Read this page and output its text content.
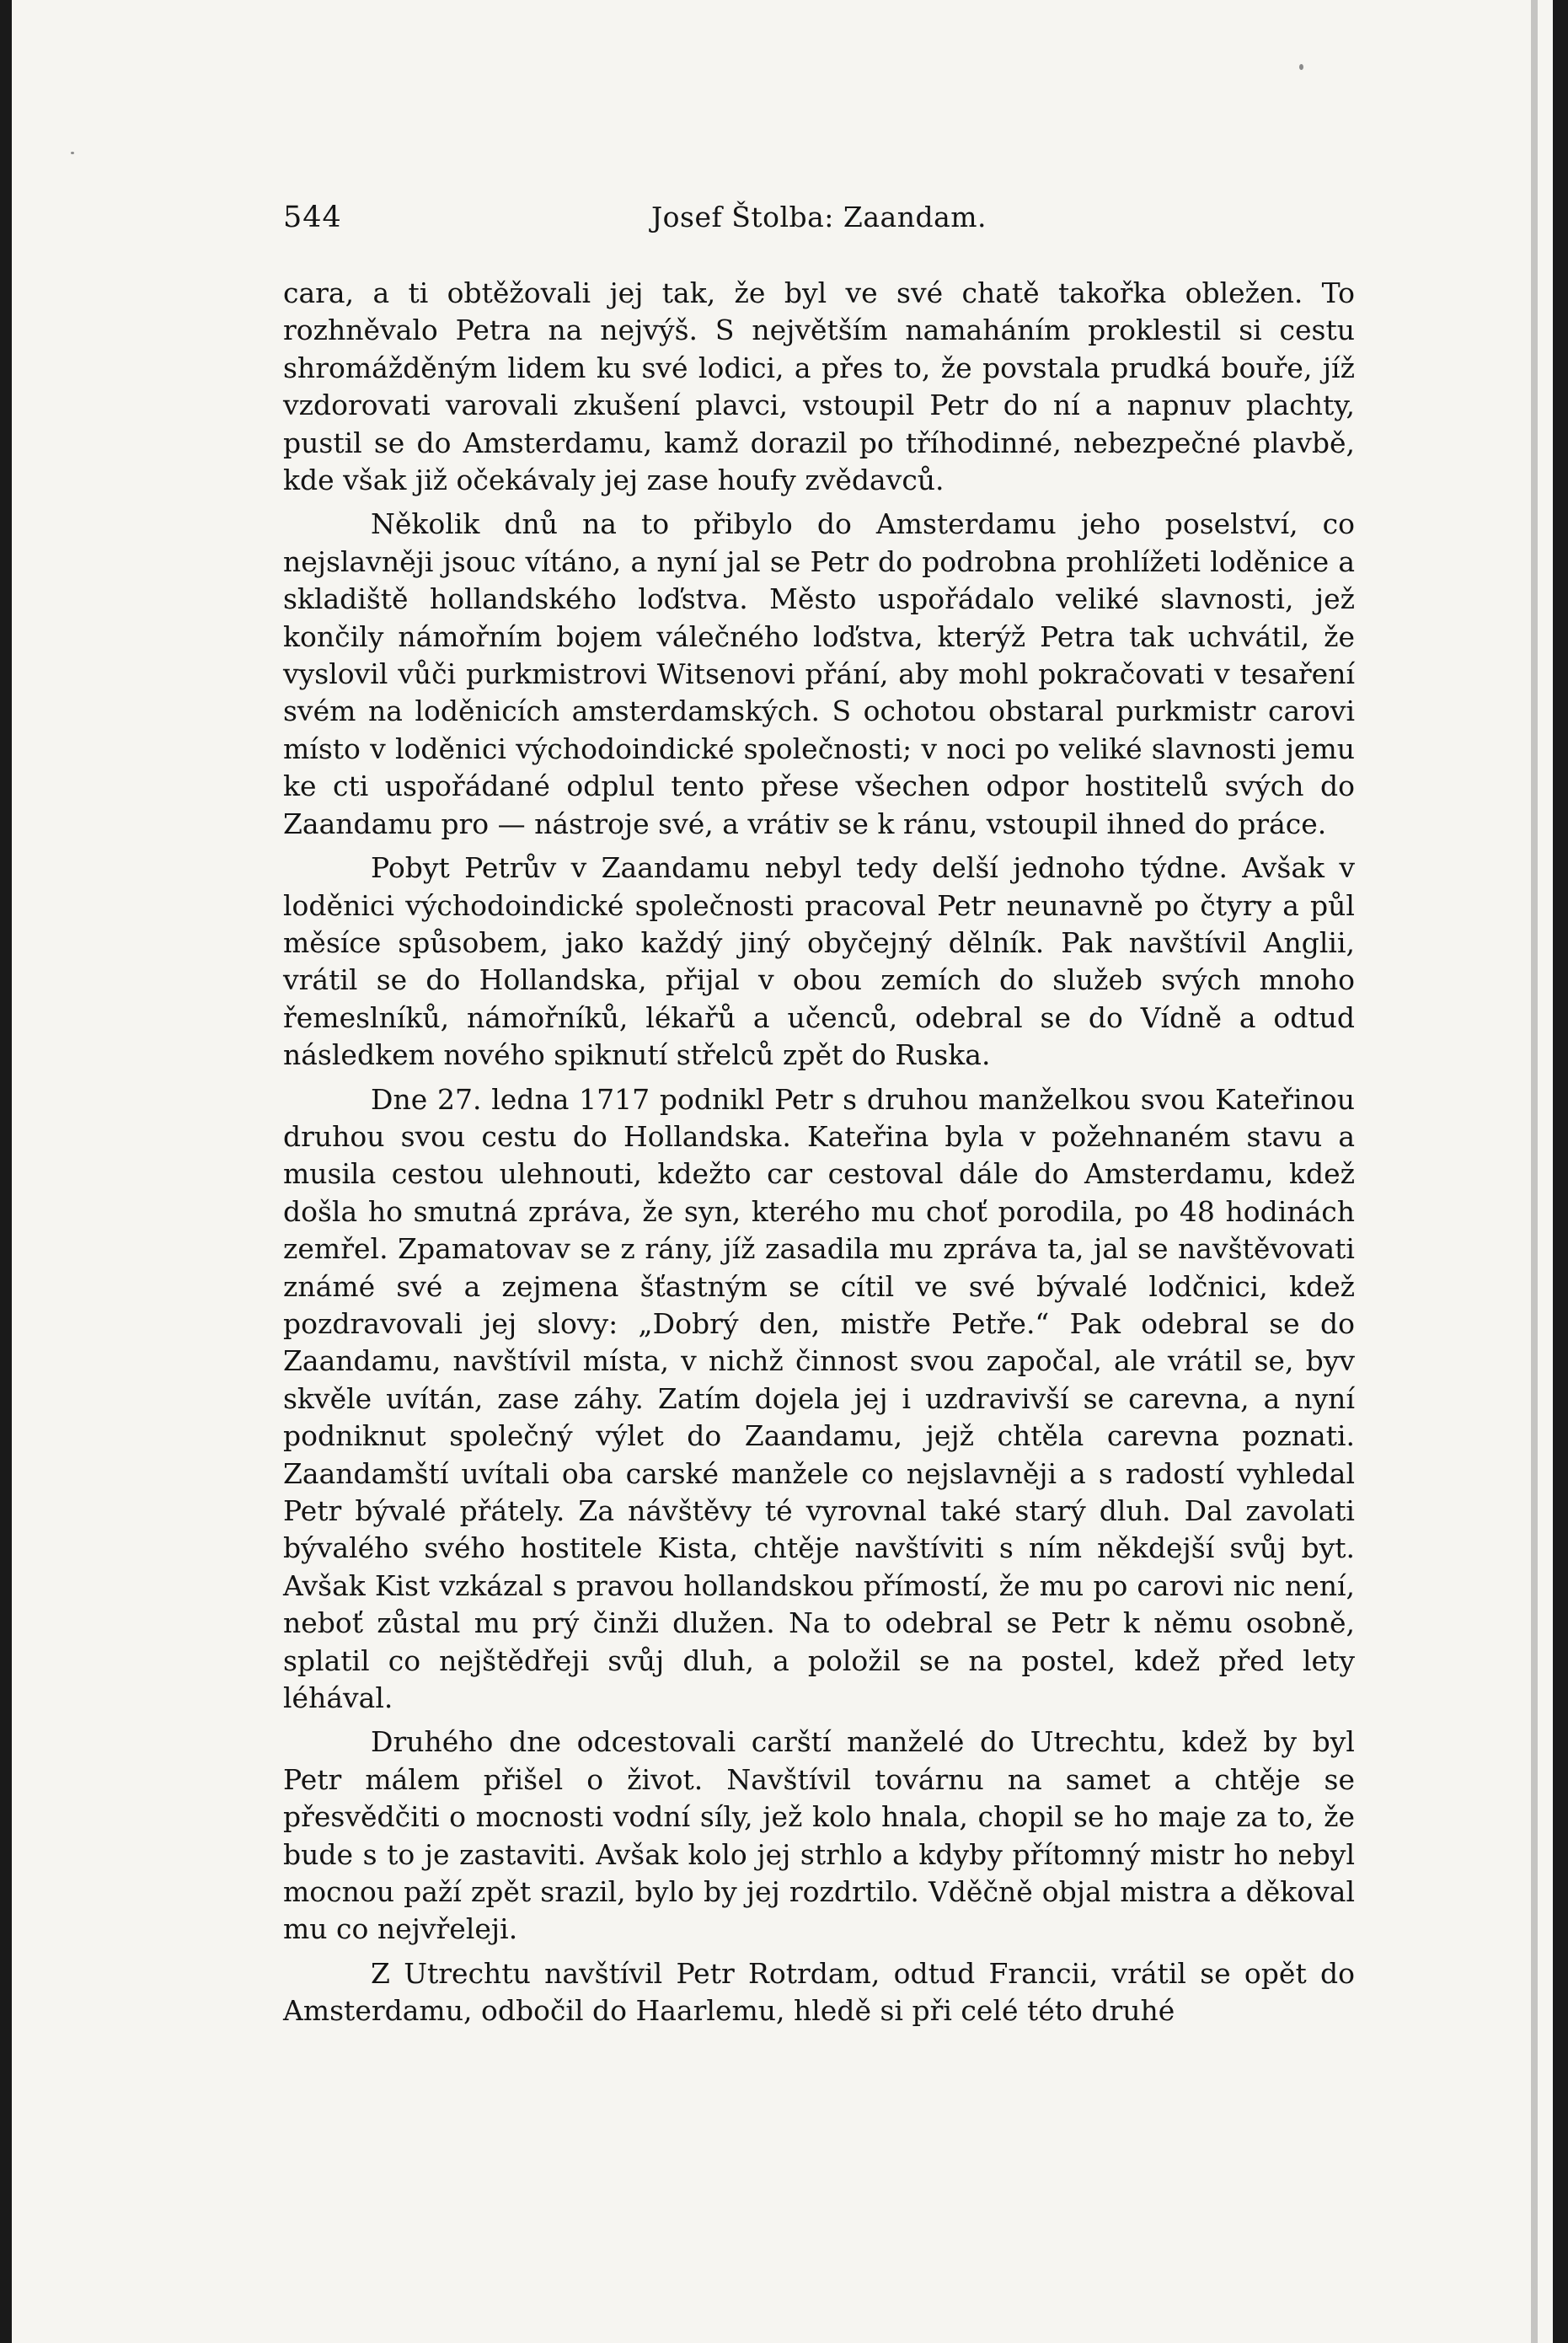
544	Josef Štolba: Zaandam.

cara, a ti obtěžovali jej tak, že byl ve své chatě takořka obležen. To rozhněvalo Petra na nejvýš. S největším namaháním proklestil si cestu shromážděným lidem ku své lodici, a přes to, že povstala prudká bouře, jíž vzdorovati varovali zkušení plavci, vstoupil Petr do ní a napnuv plachty, pustil se do Amsterdamu, kamž dorazil po tříhodinné, nebezpečné plavbě, kde však již očekávaly jej zase houfy zvědavců.

Několik dnů na to přibylo do Amsterdamu jeho poselství, co nejslavněji jsouc vítáno, a nyní jal se Petr do podrobna prohlížeti loděnice a skladiště hollandského loďstva. Město uspořádalo veliké slavnosti, jež končily námořním bojem válečného loďstva, kterýž Petra tak uchvátil, že vyslovil vůči purkmistrovi Witsenovi přání, aby mohl pokračovati v tesaření svém na loděnicích amsterdamských. S ochotou obstaral purkmistr carovi místo v loděnici východoindické společnosti; v noci po veliké slavnosti jemu ke cti uspořádané odplul tento přese všechen odpor hostitelů svých do Zaandamu pro — nástroje své, a vrátiv se k ránu, vstoupil ihned do práce.

Pobyt Petrův v Zaandamu nebyl tedy delší jednoho týdne. Avšak v loděnici východoindické společnosti pracoval Petr neunavně po čtyry a půl měsíce spůsobem, jako každý jiný obyčejný dělník. Pak navštívil Anglii, vrátil se do Hollandska, přijal v obou zemích do služeb svých mnoho řemeslníků, námořníků, lékařů a učenců, odebral se do Vídně a odtud následkem nového spiknutí střelců zpět do Ruska.

Dne 27. ledna 1717 podnikl Petr s druhou manželkou svou Kateřinou druhou svou cestu do Hollandska. Kateřina byla v požehnaném stavu a musila cestou ulehnouti, kdežto car cestoval dále do Amsterdamu, kdež došla ho smutná zpráva, že syn, kterého mu choť porodila, po 48 hodinách zemřel. Zpamatovav se z rány, jíž zasadila mu zpráva ta, jal se navštěvovati známé své a zejmena šťastným se cítil ve své bývalé lodčnici, kdež pozdravovali jej slovy: „Dobrý den, mistře Petře.“ Pak odebral se do Zaandamu, navštívil místa, v nichž činnost svou započal, ale vrátil se, byv skvěle uvítán, zase záhy. Zatím dojela jej i uzdravivší se carevna, a nyní podniknut společný výlet do Zaandamu, jejž chtěla carevna poznati. Zaandamští uvítali oba carské manžele co nejslavněji a s radostí vyhledal Petr bývalé přátely. Za návštěvy té vyrovnal také starý dluh. Dal zavolati bývalého svého hostitele Kista, chtěje navštíviti s ním někdejší svůj byt. Avšak Kist vzkázal s pravou hollandskou přímostí, že mu po carovi nic není, neboť zůstal mu prý činži dlužen. Na to odebral se Petr k němu osobně, splatil co nejštědřeji svůj dluh, a položil se na postel, kdež před lety léhával.

Druhého dne odcestovali carští manželé do Utrechtu, kdež by byl Petr málem přišel o život. Navštívil továrnu na samet a chtěje se přesvědčiti o mocnosti vodní síly, jež kolo hnala, chopil se ho maje za to, že bude s to je zastaviti. Avšak kolo jej strhlo a kdyby přítomný mistr ho nebyl mocnou paží zpět srazil, bylo by jej rozdrtilo. Vděčně objal mistra a děkoval mu co nejvřeleji.

Z Utrechtu navštívil Petr Rotrdam, odtud Francii, vrátil se opět do Amsterdamu, odbočil do Haarlemu, hledě si při celé této druhé
